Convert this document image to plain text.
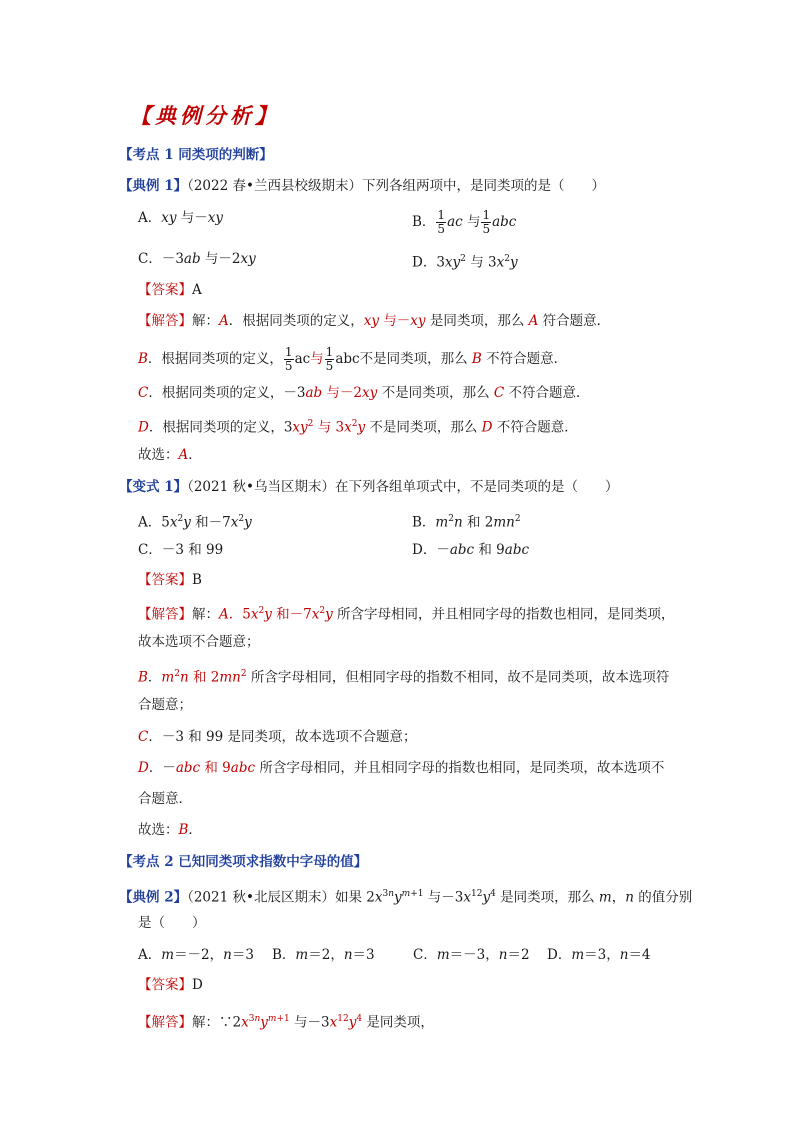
【典例分析】
【考点 1 同类项的判断】
【典例 1】（2022 春•兰西县校级期末）下列各组两项中，是同类项的是（　　）
A．xy 与－xy	B． $\frac{1}{5}$ ac 与 $\frac{1}{5}$ abc
C．－3ab 与－2xy	D．$3xy^2$ 与 $3x^2y$
【答案】A
【解答】解：A．根据同类项的定义，xy 与－xy 是同类项，那么 A 符合题意．
B．根据同类项的定义， $\frac{1}{5}$ ac与 $\frac{1}{5}$ abc不是同类项，那么 B 不符合题意．
C．根据同类项的定义，－3ab 与－2xy 不是同类项，那么 C 不符合题意．
D．根据同类项的定义，$3xy^2$ 与 $3x^2y$ 不是同类项，那么 D 不符合题意．
故选：A．
【变式 1】（2021 秋•乌当区期末）在下列各组单项式中，不是同类项的是（　　）
A．$5x^2y$ 和$-7x^2y$	B．$m^2n$ 和 $2mn^2$
C．－3 和 99	D．－abc 和 9abc
【答案】B
【解答】解：A．$5x^2y$ 和$-7x^2y$ 所含字母相同，并且相同字母的指数也相同，是同类项，
故本选项不合题意；
B．$m^2n$ 和 $2mn^2$ 所含字母相同，但相同字母的指数不相同，故不是同类项，故本选项符
合题意；
C．－3 和 99 是同类项，故本选项不合题意；
D．－abc 和 9abc 所含字母相同，并且相同字母的指数也相同，是同类项，故本选项不
合题意．
故选：B．
【考点 2 已知同类项求指数中字母的值】
【典例 2】（2021 秋•北辰区期末）如果 $2x^{3n}y^{m+1}$ 与$-3x^{12}y^4$ 是同类项，那么 m，n 的值分别
是（　　）
A．m＝－2，n＝3 B．m＝2，n＝3	C．m＝－3，n＝2 D．m＝3，n＝4
【答案】D
【解答】解：$\because 2x^{3n}y^{m+1}$ 与$-3x^{12}y^4$ 是同类项，
